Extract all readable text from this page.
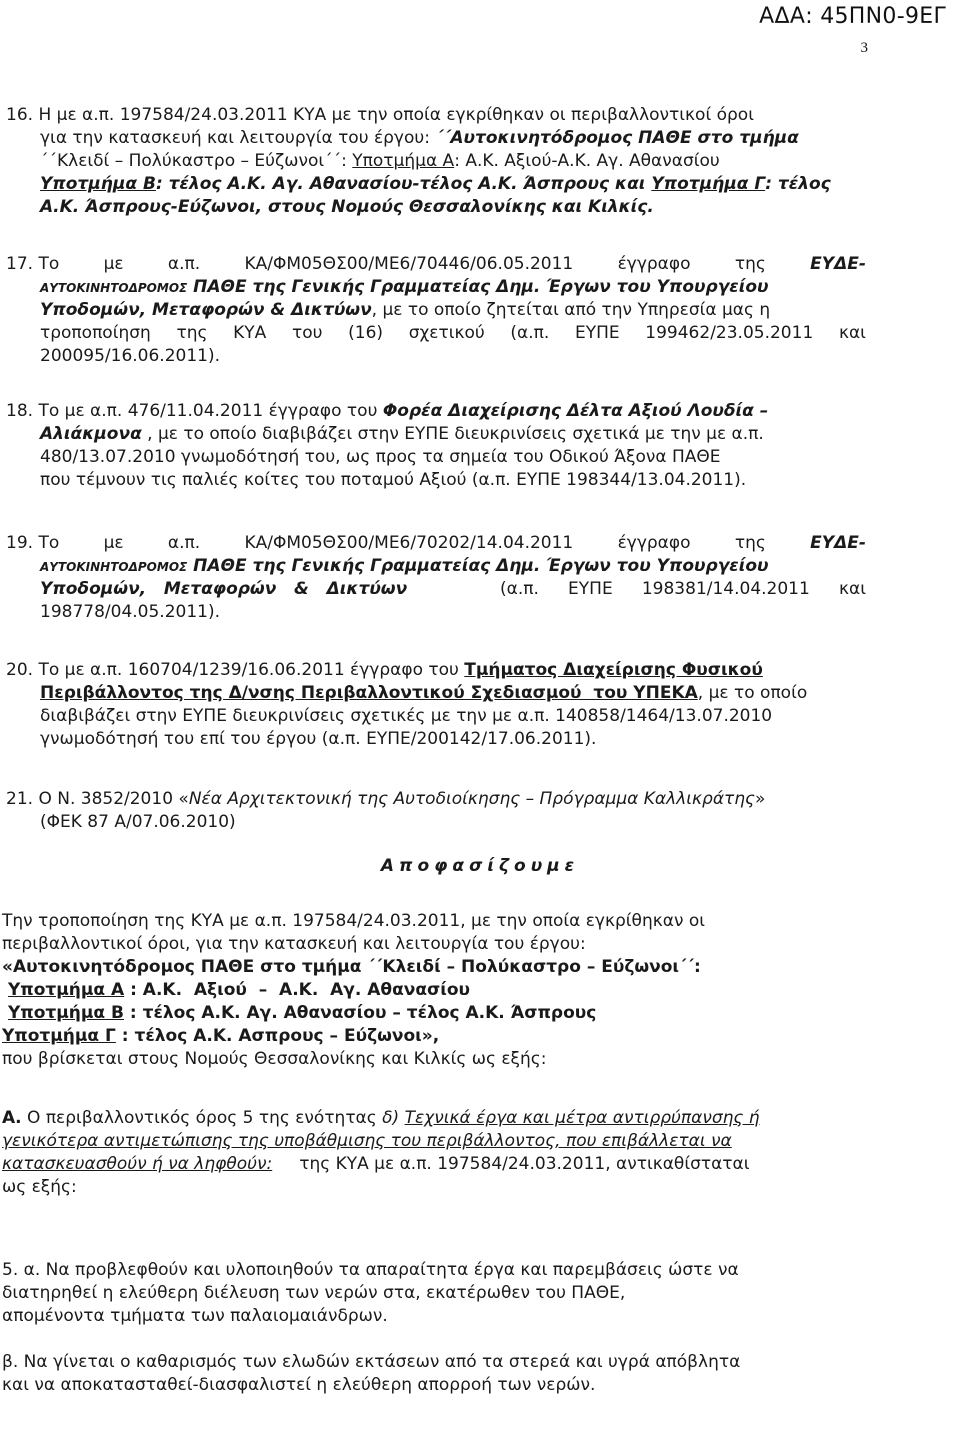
ΑΔΑ: 45ΠΝ0-9ΕΓ
3
16. Η με α.π. 197584/24.03.2011 ΚΥΑ με την οποία εγκρίθηκαν οι περιβαλλοντικοί όροι
για την κατασκευή και λειτουργία του έργου: ΄΄Αυτοκινητόδρομος ΠΑΘΕ στο τμήμα
΄΄Κλειδί – Πολύκαστρο – Εύζωνοι΄΄: Υποτμήμα Α: Α.Κ. Αξιού-Α.Κ. Αγ. Αθανασίου
Υποτμήμα Β: τέλος Α.Κ. Αγ. Αθανασίου-τέλος Α.Κ. Άσπρους και Υποτμήμα Γ: τέλος
Α.Κ. Άσπρους-Εύζωνοι, στους Νομούς Θεσσαλονίκης και Κιλκίς.
17. Το	με	α.π.	ΚΑ/ΦΜ05ΘΣ00/ΜΕ6/70446/06.05.2011	έγγραφο	της	ΕΥΔΕ-
ΑΥΤΟΚΙΝΗΤΟΔΡΟΜΟΣ ΠΑΘΕ της Γενικής Γραμματείας Δημ. Έργων του Υπουργείου
Υποδομών, Μεταφορών & Δικτύων, με το οποίο ζητείται από την Υπηρεσία μας η
τροποποίηση της ΚΥΑ του (16) σχετικού (α.π. ΕΥΠΕ 199462/23.05.2011 και
200095/16.06.2011).
18. Το με α.π. 476/11.04.2011 έγγραφο του Φορέα Διαχείρισης Δέλτα Αξιού Λουδία –
Αλιάκμονα , με το οποίο διαβιβάζει στην ΕΥΠΕ διευκρινίσεις σχετικά με την με α.π.
480/13.07.2010 γνωμοδότησή του, ως προς τα σημεία του Οδικού Άξονα ΠΑΘΕ
που τέμνουν τις παλιές κοίτες του ποταμού Αξιού (α.π. ΕΥΠΕ 198344/13.04.2011).
19. Το	με	α.π.	ΚΑ/ΦΜ05ΘΣ00/ΜΕ6/70202/14.04.2011	έγγραφο	της	ΕΥΔΕ-
ΑΥΤΟΚΙΝΗΤΟΔΡΟΜΟΣ ΠΑΘΕ της Γενικής Γραμματείας Δημ. Έργων του Υπουργείου
Υποδομών,   Μεταφορών   &   Δικτύων	(α.π. ΕΥΠΕ 198381/14.04.2011 και
198778/04.05.2011).
20. Το με α.π. 160704/1239/16.06.2011 έγγραφο του Τμήματος Διαχείρισης Φυσικού
Περιβάλλοντος της Δ/νσης Περιβαλλοντικού Σχεδιασμού  του ΥΠΕΚΑ, με το οποίο
διαβιβάζει στην ΕΥΠΕ διευκρινίσεις σχετικές με την με α.π. 140858/1464/13.07.2010
γνωμοδότησή του επί του έργου (α.π. ΕΥΠΕ/200142/17.06.2011).
21. Ο Ν. 3852/2010 «Νέα Αρχιτεκτονική της Αυτοδιοίκησης – Πρόγραμμα Καλλικράτης»
(ΦΕΚ 87 Α/07.06.2010)
Αποφασίζουμε
Την τροποποίηση της ΚΥΑ με α.π. 197584/24.03.2011, με την οποία εγκρίθηκαν οι
περιβαλλοντικοί όροι, για την κατασκευή και λειτουργία του έργου:
«Αυτοκινητόδρομος ΠΑΘΕ στο τμήμα ΄΄Κλειδί – Πολύκαστρο – Εύζωνοι΄΄:
Υποτμήμα Α : Α.Κ.  Αξιού  –  Α.Κ.  Αγ. Αθανασίου
Υποτμήμα Β : τέλος Α.Κ. Αγ. Αθανασίου – τέλος Α.Κ. Άσπρους
Υποτμήμα Γ : τέλος Α.Κ. Ασπρους – Εύζωνοι»,
που βρίσκεται στους Νομούς Θεσσαλονίκης και Κιλκίς ως εξής:
Α. Ο περιβαλλοντικός όρος 5 της ενότητας δ) Τεχνικά έργα και μέτρα αντιρρύπανσης ή
γενικότερα αντιμετώπισης της υποβάθμισης του περιβάλλοντος, που επιβάλλεται να
κατασκευασθούν ή να ληφθούν:     της ΚΥΑ με α.π. 197584/24.03.2011, αντικαθίσταται
ως εξής:
5. α. Να προβλεφθούν και υλοποιηθούν τα απαραίτητα έργα και παρεμβάσεις ώστε να
διατηρηθεί η ελεύθερη διέλευση των νερών στα, εκατέρωθεν του ΠΑΘΕ,
απομένοντα τμήματα των παλαιομαιάνδρων.
β. Να γίνεται ο καθαρισμός των ελωδών εκτάσεων από τα στερεά και υγρά απόβλητα
και να αποκατασταθεί-διασφαλιστεί η ελεύθερη απορροή των νερών.
